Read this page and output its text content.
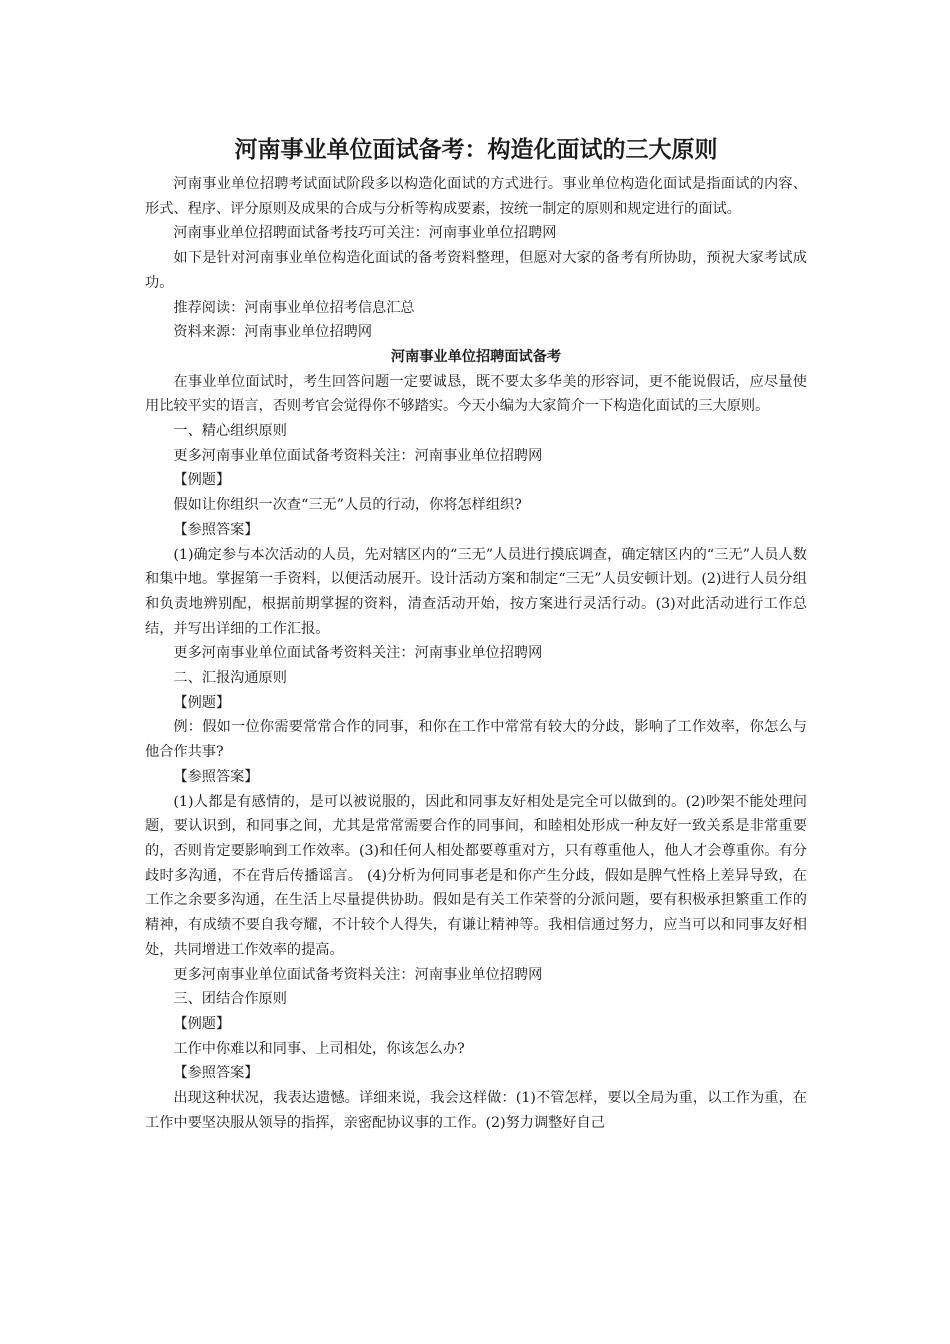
河南事业单位面试备考：构造化面试的三大原则

河南事业单位招聘考试面试阶段多以构造化面试的方式进行。事业单位构造化面试是指面试的内容、形式、程序、评分原则及成果的合成与分析等构成要素，按统一制定的原则和规定进行的面试。

河南事业单位招聘面试备考技巧可关注：河南事业单位招聘网

如下是针对河南事业单位构造化面试的备考资料整理，但愿对大家的备考有所协助，预祝大家考试成功。

推荐阅读：河南事业单位招考信息汇总

资料来源：河南事业单位招聘网

河南事业单位招聘面试备考

在事业单位面试时，考生回答问题一定要诚恳，既不要太多华美的形容词，更不能说假话，应尽量使用比较平实的语言，否则考官会觉得你不够踏实。今天小编为大家简介一下构造化面试的三大原则。

一、精心组织原则

更多河南事业单位面试备考资料关注：河南事业单位招聘网

【例题】

假如让你组织一次查“三无”人员的行动，你将怎样组织?

【参照答案】

(1)确定参与本次活动的人员，先对辖区内的“三无”人员进行摸底调查，确定辖区内的“三无”人员人数和集中地。掌握第一手资料，以便活动展开。设计活动方案和制定“三无”人员安顿计划。(2)进行人员分组和负责地辨别配，根据前期掌握的资料，清查活动开始，按方案进行灵活行动。(3)对此活动进行工作总结，并写出详细的工作汇报。

更多河南事业单位面试备考资料关注：河南事业单位招聘网

二、汇报沟通原则

【例题】

例：假如一位你需要常常合作的同事，和你在工作中常常有较大的分歧，影响了工作效率，你怎么与他合作共事?

【参照答案】

(1)人都是有感情的，是可以被说服的，因此和同事友好相处是完全可以做到的。(2)吵架不能处理问题，要认识到，和同事之间，尤其是常常需要合作的同事间，和睦相处形成一种友好一致关系是非常重要的，否则肯定要影响到工作效率。(3)和任何人相处都要尊重对方，只有尊重他人，他人才会尊重你。有分歧时多沟通，不在背后传播谣言。 (4)分析为何同事老是和你产生分歧，假如是脾气性格上差异导致，在工作之余要多沟通，在生活上尽量提供协助。假如是有关工作荣誉的分派问题，要有积极承担繁重工作的精神，有成绩不要自我夸耀，不计较个人得失，有谦让精神等。我相信通过努力，应当可以和同事友好相处，共同增进工作效率的提高。

更多河南事业单位面试备考资料关注：河南事业单位招聘网

三、团结合作原则

【例题】

工作中你难以和同事、上司相处，你该怎么办?

【参照答案】

出现这种状况，我表达遗憾。详细来说，我会这样做：(1)不管怎样，要以全局为重，以工作为重，在工作中要坚决服从领导的指挥，亲密配协议事的工作。(2)努力调整好自己
